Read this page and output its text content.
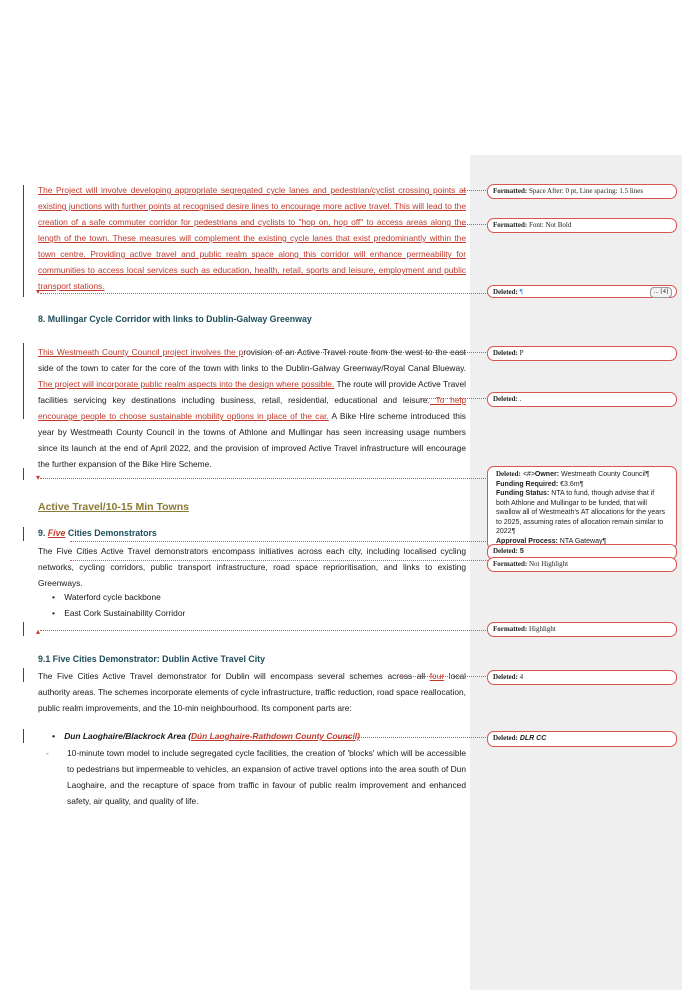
The Project will involve developing appropriate segregated cycle lanes and pedestrian/cyclist crossing points at existing junctions with further points at recognised desire lines to encourage more active travel. This will lead to the creation of a safe commuter corridor for pedestrians and cyclists to "hop on, hop off" to access areas along the length of the town. These measures will complement the existing cycle lanes that exist predominantly within the town centre. Providing active travel and public realm space along this corridor will enhance permeability for communities to access local services such as education, health, retail, sports and leisure, employment and public transport stations.
▾
8. Mullingar Cycle Corridor with links to Dublin-Galway Greenway
This Westmeath County Council project involves the provision of an Active Travel route from the west to the east side of the town to cater for the core of the town with links to the Dublin-Galway Greenway/Royal Canal Blueway. The project will incorporate public realm aspects into the design where possible. The route will provide Active Travel facilities servicing key destinations including business, retail, residential, educational and leisure. To help encourage people to choose sustainable mobility options in place of the car. A Bike Hire scheme introduced this year by Westmeath County Council in the towns of Athlone and Mullingar has seen increasing usage numbers since its launch at the end of April 2022, and the provision of improved Active Travel infrastructure will encourage the further expansion of the Bike Hire Scheme.
▾
Active Travel/10-15 Min Towns
9. Five Cities Demonstrators
The Five Cities Active Travel demonstrators encompass initiatives across each city, including localised cycling networks, cycling corridors, public transport infrastructure, road space reprioritisation, and links to existing Greenways.
•    Waterford cycle backbone
•    East Cork Sustainability Corridor
▴
9.1 Five Cities Demonstrator: Dublin Active Travel City
The Five Cities Active Travel demonstrator for Dublin will encompass several schemes across all four local authority areas. The schemes incorporate elements of cycle infrastructure, traffic reduction, road space reallocation, public realm improvements, and the 10-min neighbourhood. Its component parts are:
•    Dun Laoghaire/Blackrock Area (Dún Laoghaire-Rathdown County Council)
-	10-minute town model to include segregated cycle facilities, the creation of 'blocks' which will be accessible to pedestrians but impermeable to vehicles, an expansion of active travel options into the area south of Dun Laoghaire, and the recapture of space from traffic in favour of public realm improvement and enhanced safety, air quality, and quality of life.
Formatted: Space After: 0 pt, Line spacing: 1.5 lines
Formatted: Font: Not Bold
Deleted: ¶	... [4]
Deleted: P
Deleted: .
Deleted: <#>Owner: Westmeath County Council¶
Funding Required: €3.6m¶
Funding Status: NTA to fund, though advise that if both Athlone and Mullingar to be funded, that will swallow all of Westmeath's AT allocations for the years to 2025, assuming rates of allocation remain similar to 2022¶
Approval Process: NTA Gateway¶
Deleted: 5
Formatted: Not Highlight
Formatted: Highlight
Deleted: 4
Deleted: DLR CC
